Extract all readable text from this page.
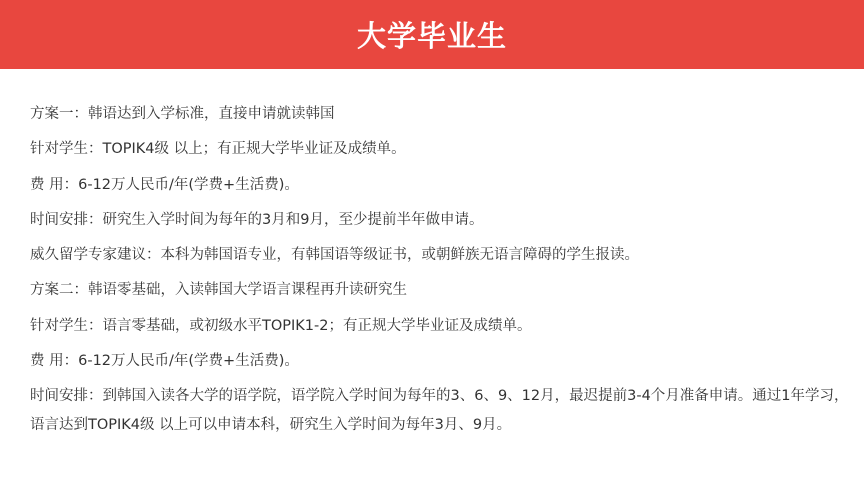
大学毕业生
方案一：韩语达到入学标准，直接申请就读韩国
针对学生：TOPIK4级 以上；有正规大学毕业证及成绩单。
费 用：6-12万人民币/年(学费+生活费)。
时间安排：研究生入学时间为每年的3月和9月，至少提前半年做申请。
威久留学专家建议：本科为韩国语专业，有韩国语等级证书，或朝鲜族无语言障碍的学生报读。
方案二：韩语零基础，入读韩国大学语言课程再升读研究生
针对学生：语言零基础，或初级水平TOPIK1-2；有正规大学毕业证及成绩单。
费 用：6-12万人民币/年(学费+生活费)。
时间安排：到韩国入读各大学的语学院，语学院入学时间为每年的3、6、9、12月，最迟提前3-4个月准备申请。通过1年学习，语言达到TOPIK4级 以上可以申请本科，研究生入学时间为每年3月、9月。
